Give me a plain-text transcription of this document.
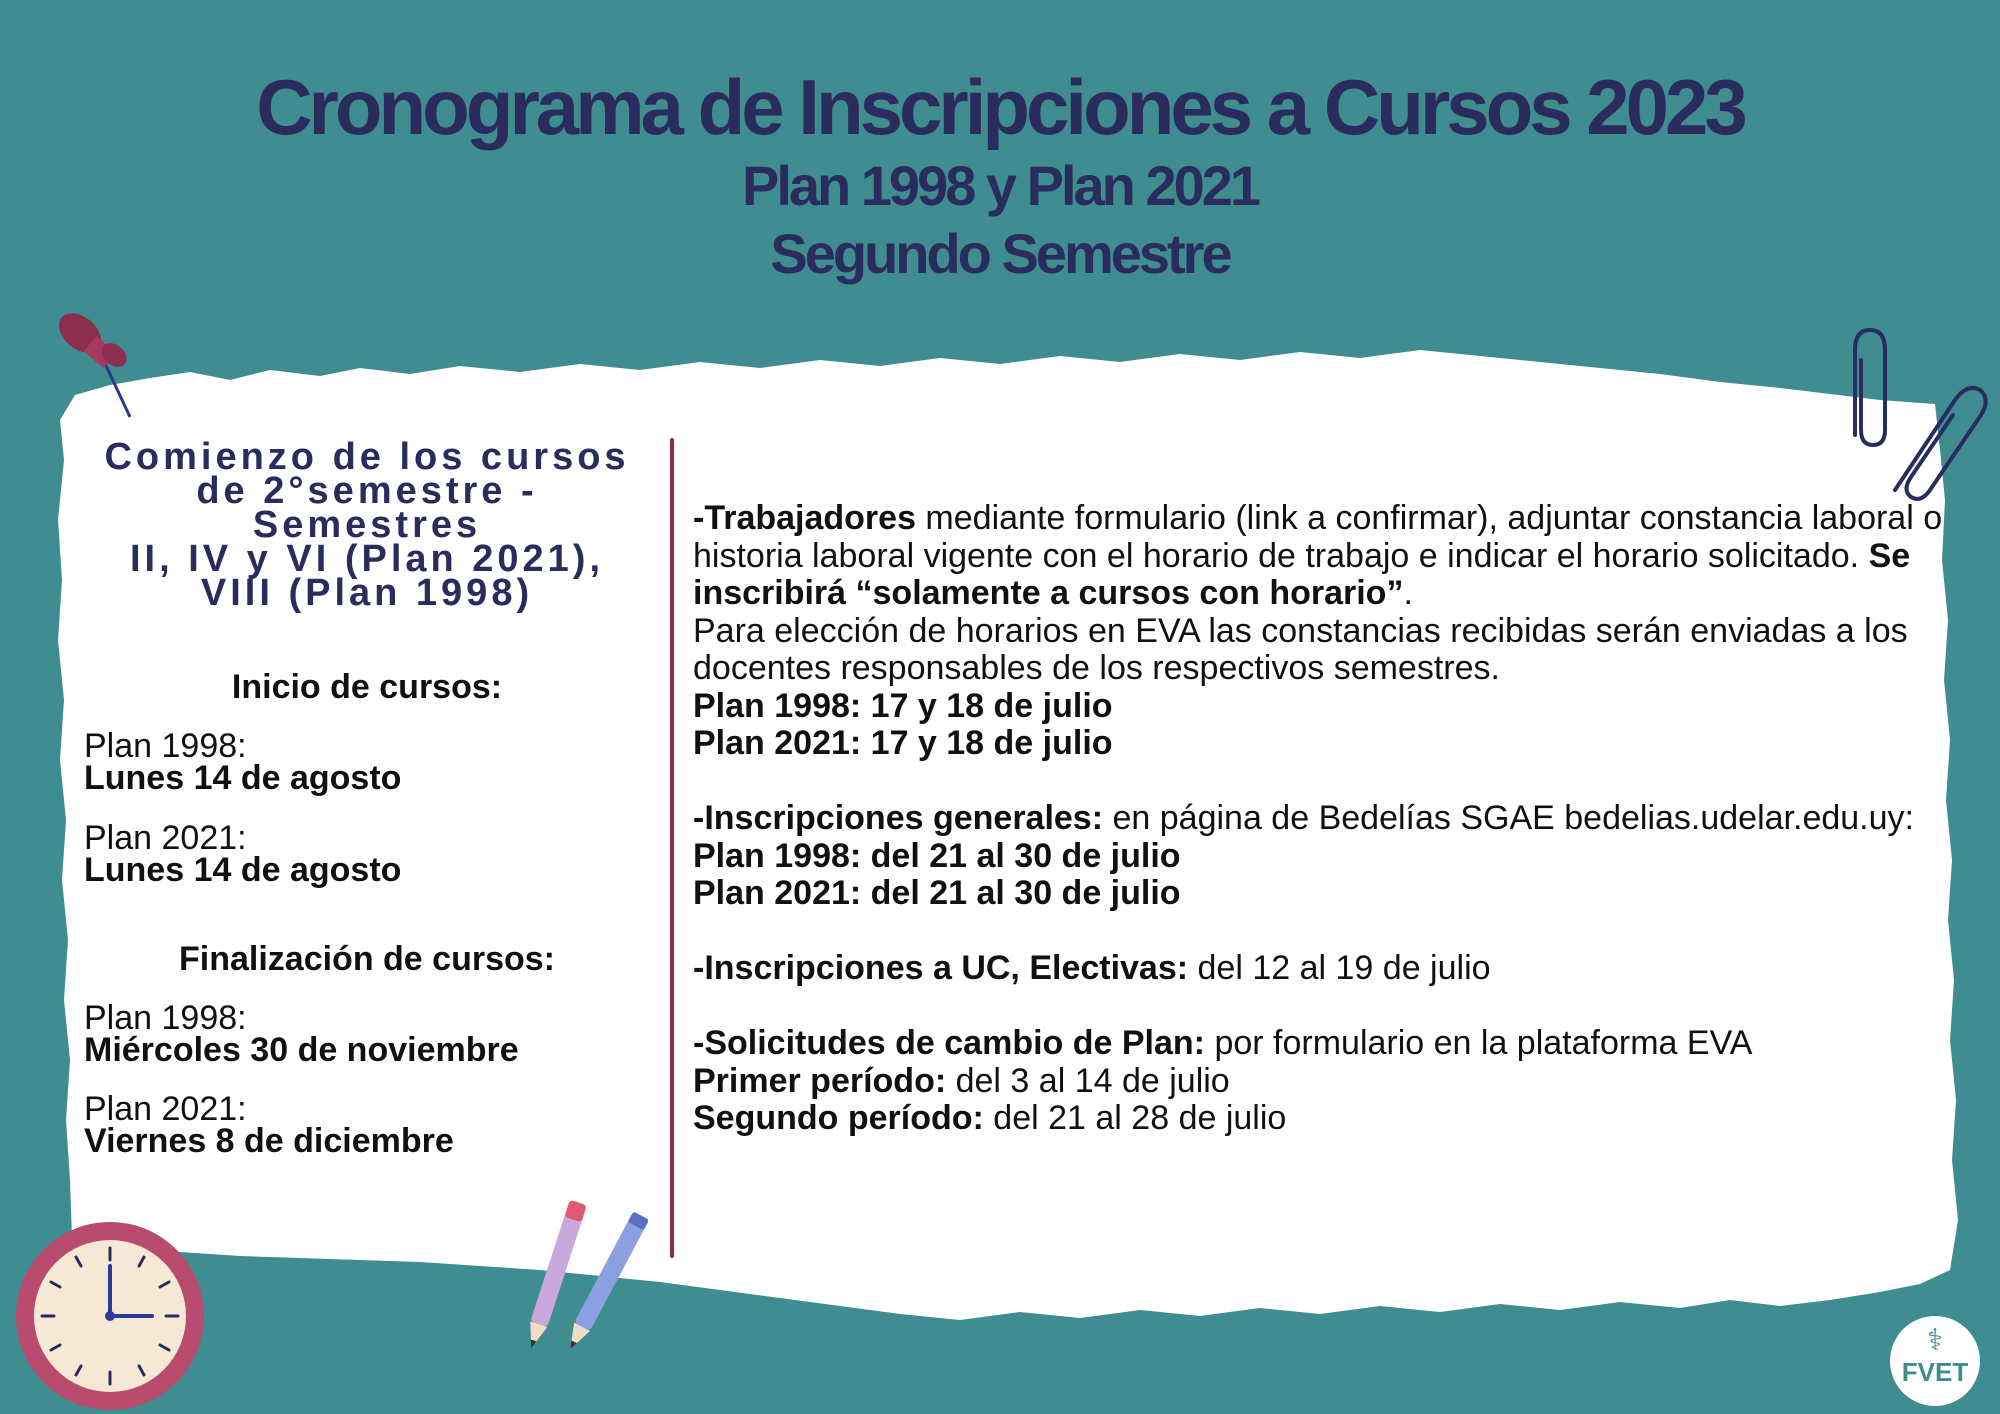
Cronograma de Inscripciones a Cursos 2023
Plan 1998 y Plan 2021
Segundo Semestre
Comienzo de los cursos
de 2°semestre -
Semestres
II, IV y VI (Plan 2021),
VIII (Plan 1998)
Inicio de cursos:
Plan 1998:
Lunes 14 de agosto
Plan 2021:
Lunes 14 de agosto
Finalización de cursos:
Plan 1998:
Miércoles 30 de noviembre
Plan 2021:
Viernes 8 de diciembre

-Trabajadores mediante formulario (link a confirmar), adjuntar constancia laboral o historia laboral vigente con el horario de trabajo e indicar el horario solicitado. Se inscribirá “solamente a cursos con horario”.

Para elección de horarios en EVA las constancias recibidas serán enviadas a los docentes responsables de los respectivos semestres.

Plan 1998: 17 y 18 de julio

Plan 2021: 17 y 18 de julio

-Inscripciones generales: en página de Bedelías SGAE bedelias.udelar.edu.uy:

Plan 1998: del 21 al 30 de julio

Plan 2021: del 21 al 30 de julio

-Inscripciones a UC, Electivas: del 12 al 19 de julio

-Solicitudes de cambio de Plan: por formulario en la plataforma EVA

Primer período: del 3 al 14 de julio

Segundo período: del 21 al 28 de julio

⚕
FVET
